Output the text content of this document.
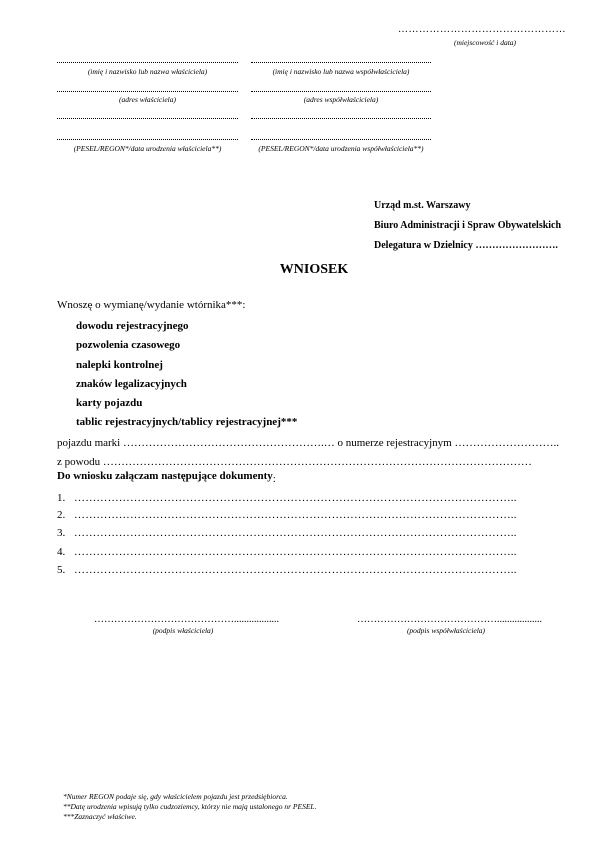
…………………………………………
(miejscowość i data)
(imię i nazwisko lub nazwa właściciela)
(adres właściciela)
(PESEL/REGON*/data urodzenia właściciela**)
(imię i nazwisko lub nazwa współwłaściciela)
(adres współwłaściciela)
(PESEL/REGON*/data urodzenia współwłaściciela**)
Urząd m.st. Warszawy
Biuro Administracji i Spraw Obywatelskich
Delegatura w Dzielnicy …………………….
WNIOSEK
Wnoszę o wymianę/wydanie wtórnika***:
dowodu rejestracyjnego
pozwolenia czasowego
nalepki kontrolnej
znaków legalizacyjnych
karty pojazdu
tablic rejestracyjnych/tablicy rejestracyjnej***
pojazdu marki ……………………………………………….… o numerze rejestracyjnym ………………………..
z powodu ………………………………………………………………………………………………………
Do wniosku załączam następujące dokumenty:
1. ………………………………………………………………………………………………………..
2. ………………………………………………………………………………………………………..
3. ………………………………………………………………………………………………………..
4. ………………………………………………………………………………………………………..
5. ………………………………………………………………………………………………………..
……………………………………..................
(podpis właściciela)
……………………………………..................
(podpis współwłaściciela)
*Numer REGON podaje się, gdy właścicielem pojazdu jest przedsiębiorca.
**Datę urodzenia wpisują tylko cudzoziemcy, którzy nie mają ustalonego nr PESEL.
***Zaznaczyć właściwe.
